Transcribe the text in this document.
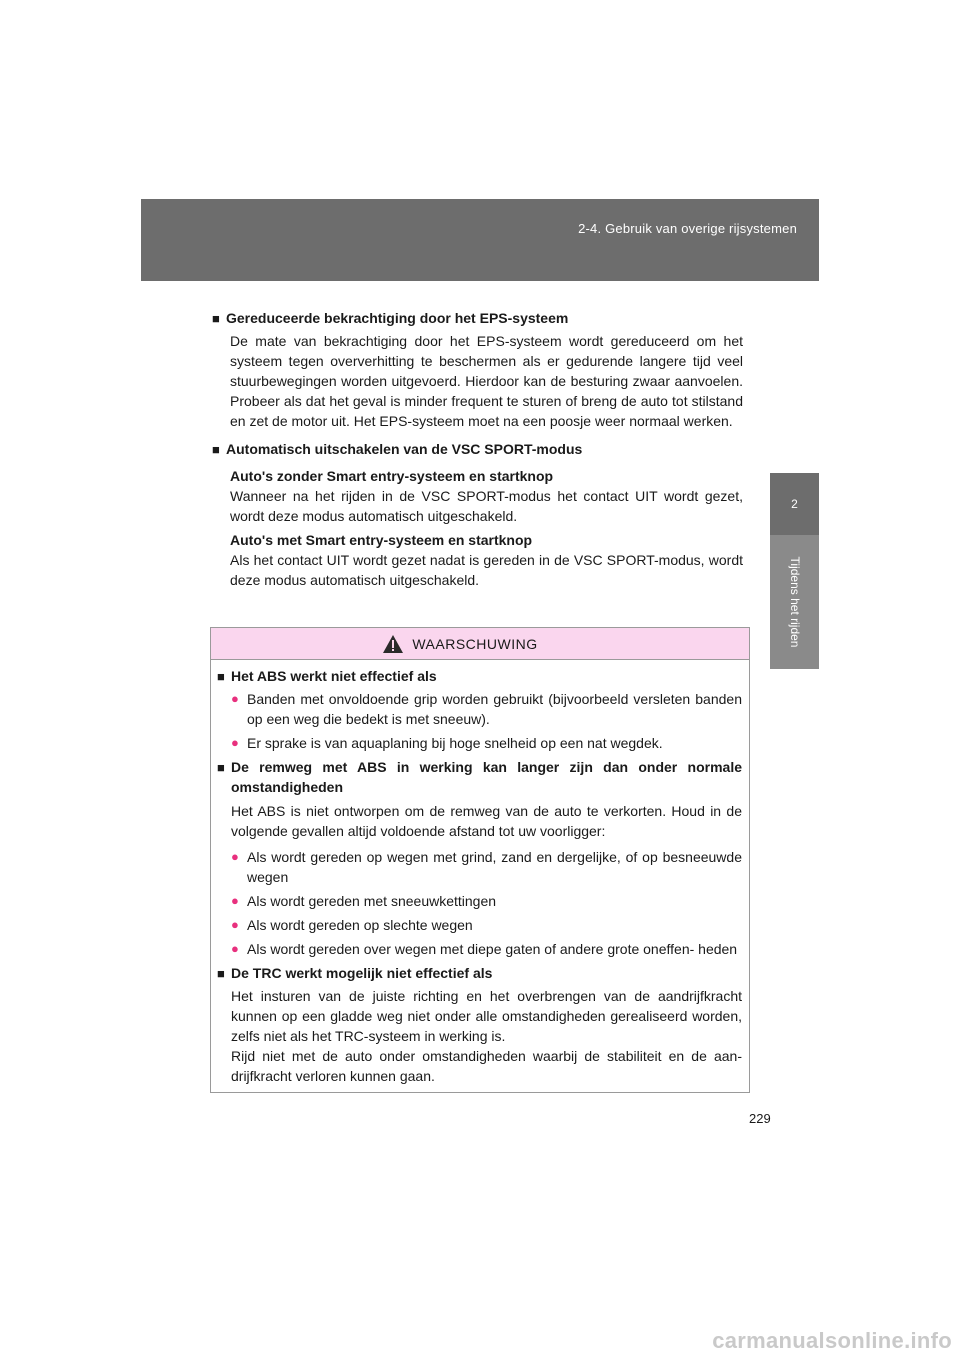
2-4. Gebruik van overige rijsystemen
2
Tijdens het rijden
■
Gereduceerde bekrachtiging door het EPS-systeem

De mate van bekrachtiging door het EPS-systeem wordt gereduceerd om het systeem tegen oververhitting te beschermen als er gedurende langere tijd veel stuurbewegingen worden uitgevoerd. Hierdoor kan de besturing zwaar aanvoelen. Probeer als dat het geval is minder frequent te sturen of breng de auto tot stilstand en zet de motor uit. Het EPS-systeem moet na een poosje weer normaal werken.

■
Automatisch uitschakelen van de VSC SPORT-modus
Auto's zonder Smart entry-systeem en startknop

Wanneer na het rijden in de VSC SPORT-modus het contact UIT wordt gezet, wordt deze modus automatisch uitgeschakeld.

Auto's met Smart entry-systeem en startknop

Als het contact UIT wordt gezet nadat is gereden in de VSC SPORT-modus, wordt deze modus automatisch uitgeschakeld.

WAARSCHUWING
■
Het ABS werkt niet effectief als
● Banden met onvoldoende grip worden gebruikt (bijvoorbeeld versleten banden op een weg die bedekt is met sneeuw).
● Er sprake is van aquaplaning bij hoge snelheid op een nat wegdek.
■
De remweg met ABS in werking kan langer zijn dan onder normale omstandigheden

Het ABS is niet ontworpen om de remweg van de auto te verkorten. Houd in de volgende gevallen altijd voldoende afstand tot uw voorligger:

● Als wordt gereden op wegen met grind, zand en dergelijke, of op besneeuwde wegen
● Als wordt gereden met sneeuwkettingen
● Als wordt gereden op slechte wegen
● Als wordt gereden over wegen met diepe gaten of andere grote oneffen- heden
■
De TRC werkt mogelijk niet effectief als

Het insturen van de juiste richting en het overbrengen van de aandrijfkracht kunnen op een gladde weg niet onder alle omstandigheden gerealiseerd worden, zelfs niet als het TRC-systeem in werking is.

Rijd niet met de auto onder omstandigheden waarbij de stabiliteit en de aan- drijfkracht verloren kunnen gaan.

229
carmanualsonline.info
